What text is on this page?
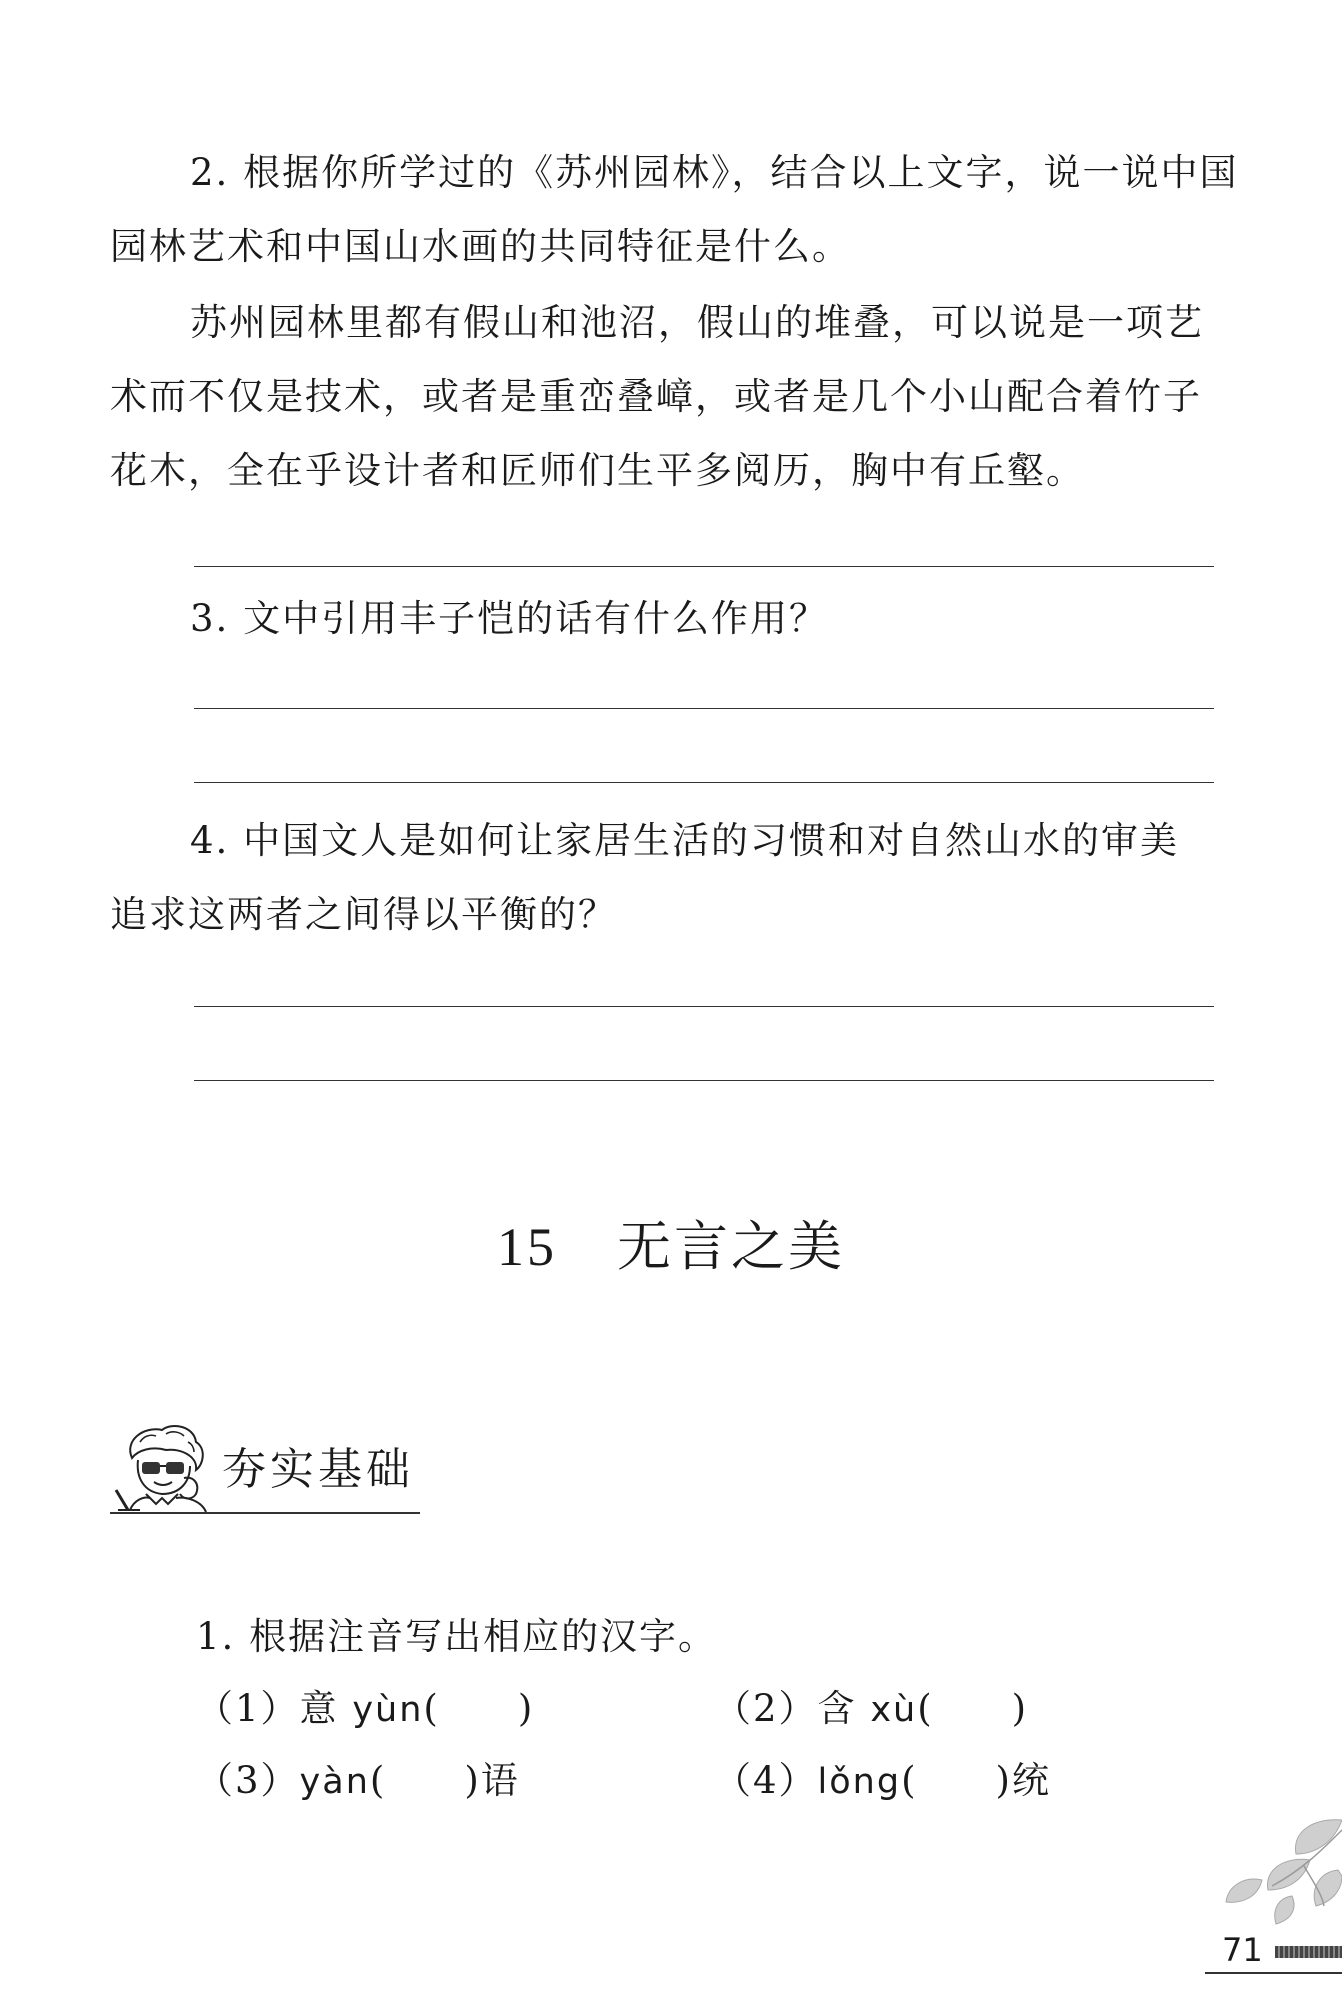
2. 根据你所学过的《苏州园林》，结合以上文字，说一说中国
园林艺术和中国山水画的共同特征是什么。
苏州园林里都有假山和池沼，假山的堆叠，可以说是一项艺
术而不仅是技术，或者是重峦叠嶂，或者是几个小山配合着竹子
花木，全在乎设计者和匠师们生平多阅历，胸中有丘壑。
3. 文中引用丰子恺的话有什么作用？
4. 中国文人是如何让家居生活的习惯和对自然山水的审美
追求这两者之间得以平衡的？
15 无言之美
夯实基础
1. 根据注音写出相应的汉字。
（1）意 yùn( )	（2）含 xù( )
（3）yàn( )语	（4）lǒng( )统
71
